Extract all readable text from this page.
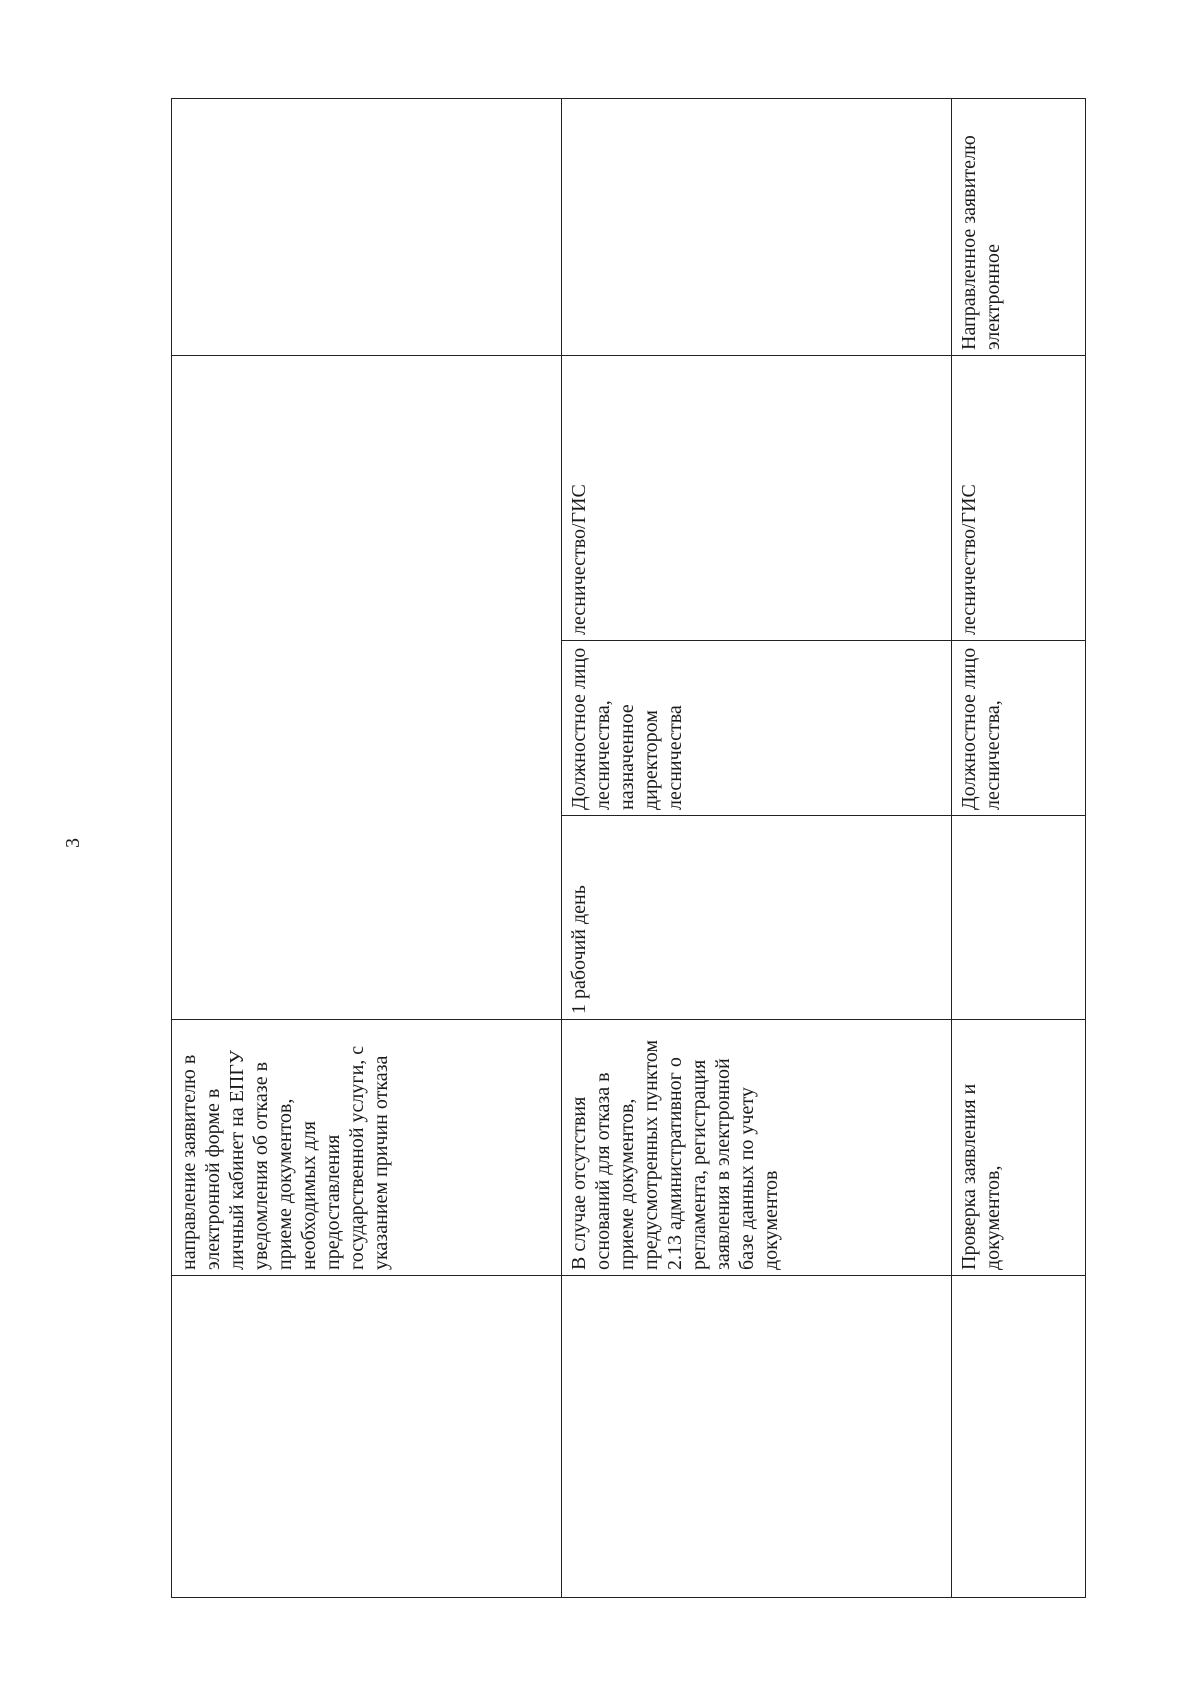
3
направление заявителю в электронной форме в личный кабинет на ЕПГУ уведомления об отказе в приеме документов, необходимых для предоставления государственной услуги, с указанием причин отказа	В случае отсутствия оснований для отказа в приеме документов, предусмотренных пунктом 2.13 административног о регламента, регистрация заявления в электронной базе данных по учету документов
1 рабочий день
Должностное лицо лесничества, назначенное директором лесничества
лесничество/ГИС
Проверка заявления и документов,
Должностное лицо лесничества,
лесничество/ГИС
Направленное заявителю электронное
